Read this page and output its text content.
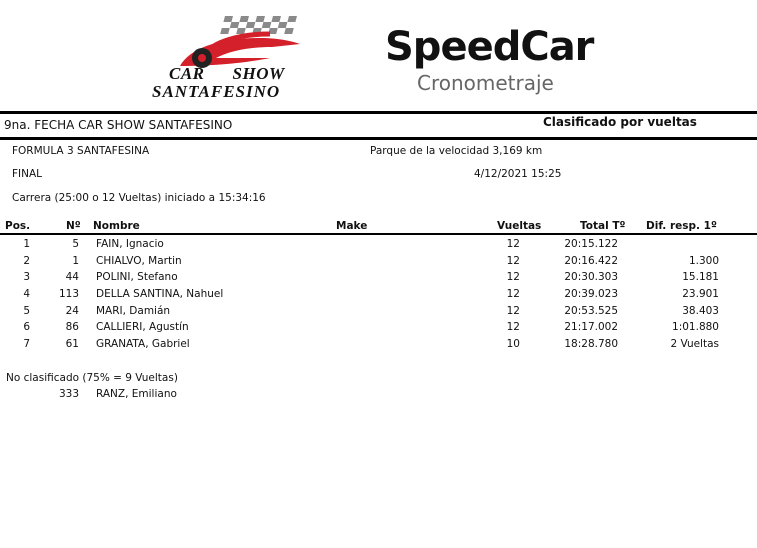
CAR SHOW
SANTAFESINO
SpeedCar
Cronometraje
9na. FECHA CAR SHOW SANTAFESINO	Clasificado por vueltas
FORMULA 3 SANTAFESINA	Parque de la velocidad 3,169 km
FINAL	4/12/2021 15:25
Carrera (25:00 o 12 Vueltas) iniciado a 15:34:16
Pos.	Nº Nombre	Make	Vueltas	Total Tº Dif. resp. 1º
1	5 FAIN, Ignacio	12	20:15.122
2	1 CHIALVO, Martin	12	20:16.422	1.300
3	44 POLINI, Stefano	12	20:30.303	15.181
4	113 DELLA SANTINA, Nahuel	12	20:39.023	23.901
5	24 MARI, Damián	12	20:53.525	38.403
6	86 CALLIERI, Agustín	12	21:17.002	1:01.880
7	61 GRANATA, Gabriel	10	18:28.780	2 Vueltas
No clasificado (75% = 9 Vueltas)
333 RANZ, Emiliano
